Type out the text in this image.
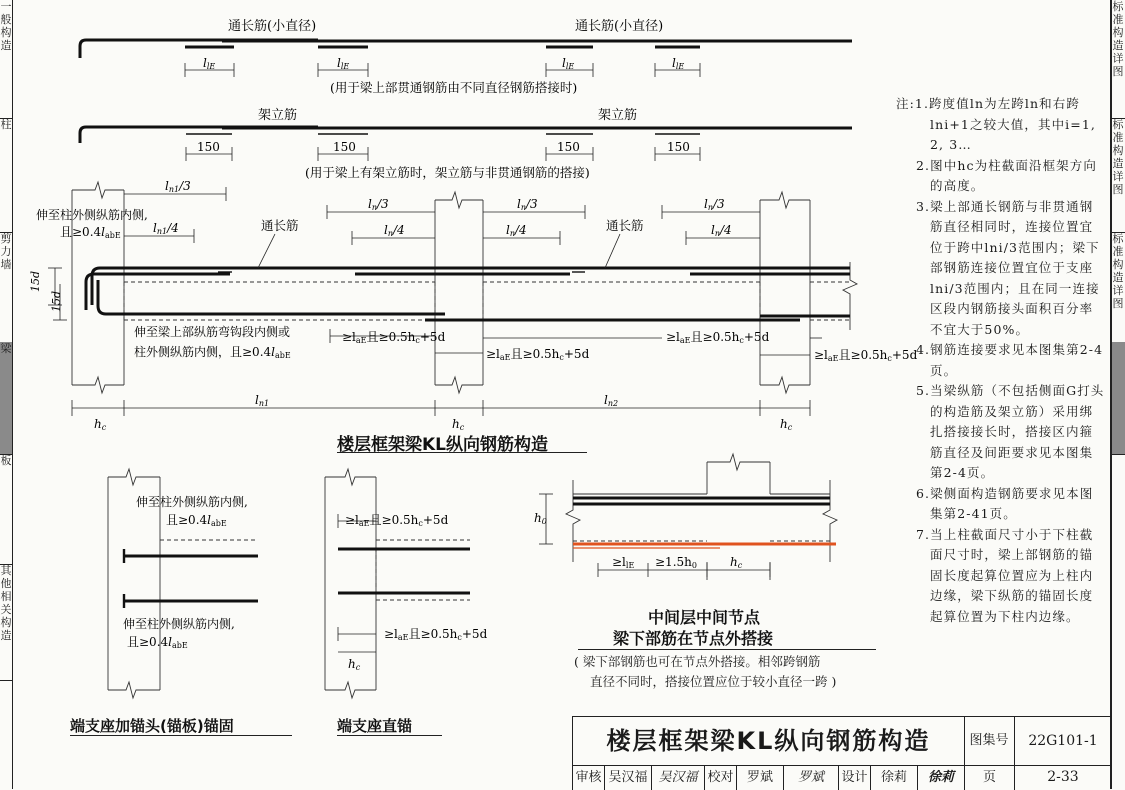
一般构造
柱
剪力墙
梁
板
其他相关构造
标准构造详图
标准构造详图
标准构造详图
通长筋(小直径)	通长筋(小直径)
llE	llE	llE	llE
(用于梁上部贯通钢筋由不同直径钢筋搭接时)
架立筋	架立筋
150	150	150	150
(用于梁上有架立筋时，架立筋与非贯通钢筋的搭接)
ln1/3
ln1/4
ln/3
ln/4
ln/3
ln/4
ln/3
ln/4
通长筋	通长筋
伸至柱外侧纵筋内侧,
且≥0.4labE
15d
15d
伸至梁上部纵筋弯钩段内侧或
柱外侧纵筋内侧，且≥0.4labE
≥laE且≥0.5hc+5d
≥laE且≥0.5hc+5d
≥laE且≥0.5hc+5d
≥laE且≥0.5hc+5d
hc	hc	hc
ln1	ln2
伸至柱外侧纵筋内侧,
且≥0.4labE
伸至柱外侧纵筋内侧,
且≥0.4labE
≥laE且≥0.5hc+5d
≥laE且≥0.5hc+5d
hc
h0
≥llE ≥1.5h0	hc
楼层框架梁KL纵向钢筋构造
端支座加锚头(锚板)锚固	端支座直锚
中间层中间节点
梁下部筋在节点外搭接
( 梁下部钢筋也可在节点外搭接。相邻跨钢筋
直径不同时，搭接位置应位于较小直径一跨 )
注:1.跨度值ln为左跨ln和右跨lni+1之较大值，其中i=1, 2, 3…
2.图中hc为柱截面沿框架方向的高度。
3.梁上部通长钢筋与非贯通钢筋直径相同时，连接位置宜位于跨中lni/3范围内；梁下部钢筋连接位置宜位于支座lni/3范围内；且在同一连接区段内钢筋接头面积百分率不宜大于50%。
4.钢筋连接要求见本图集第2-4页。
5.当梁纵筋（不包括侧面G打头的构造筋及架立筋）采用绑扎搭接接长时，搭接区内箍筋直径及间距要求见本图集第2-4页。
6.梁侧面构造钢筋要求见本图集第2-41页。
7.当上柱截面尺寸小于下柱截面尺寸时，梁上部钢筋的锚固长度起算位置应为上柱内边缘，梁下纵筋的锚固长度起算位置为下柱内边缘。
楼层框架梁KL纵向钢筋构造	图集号	22G101-1
审核 吴汉福 吴汉福 校对	罗斌	罗斌	设计	徐莉	徐莉	页	2-33
